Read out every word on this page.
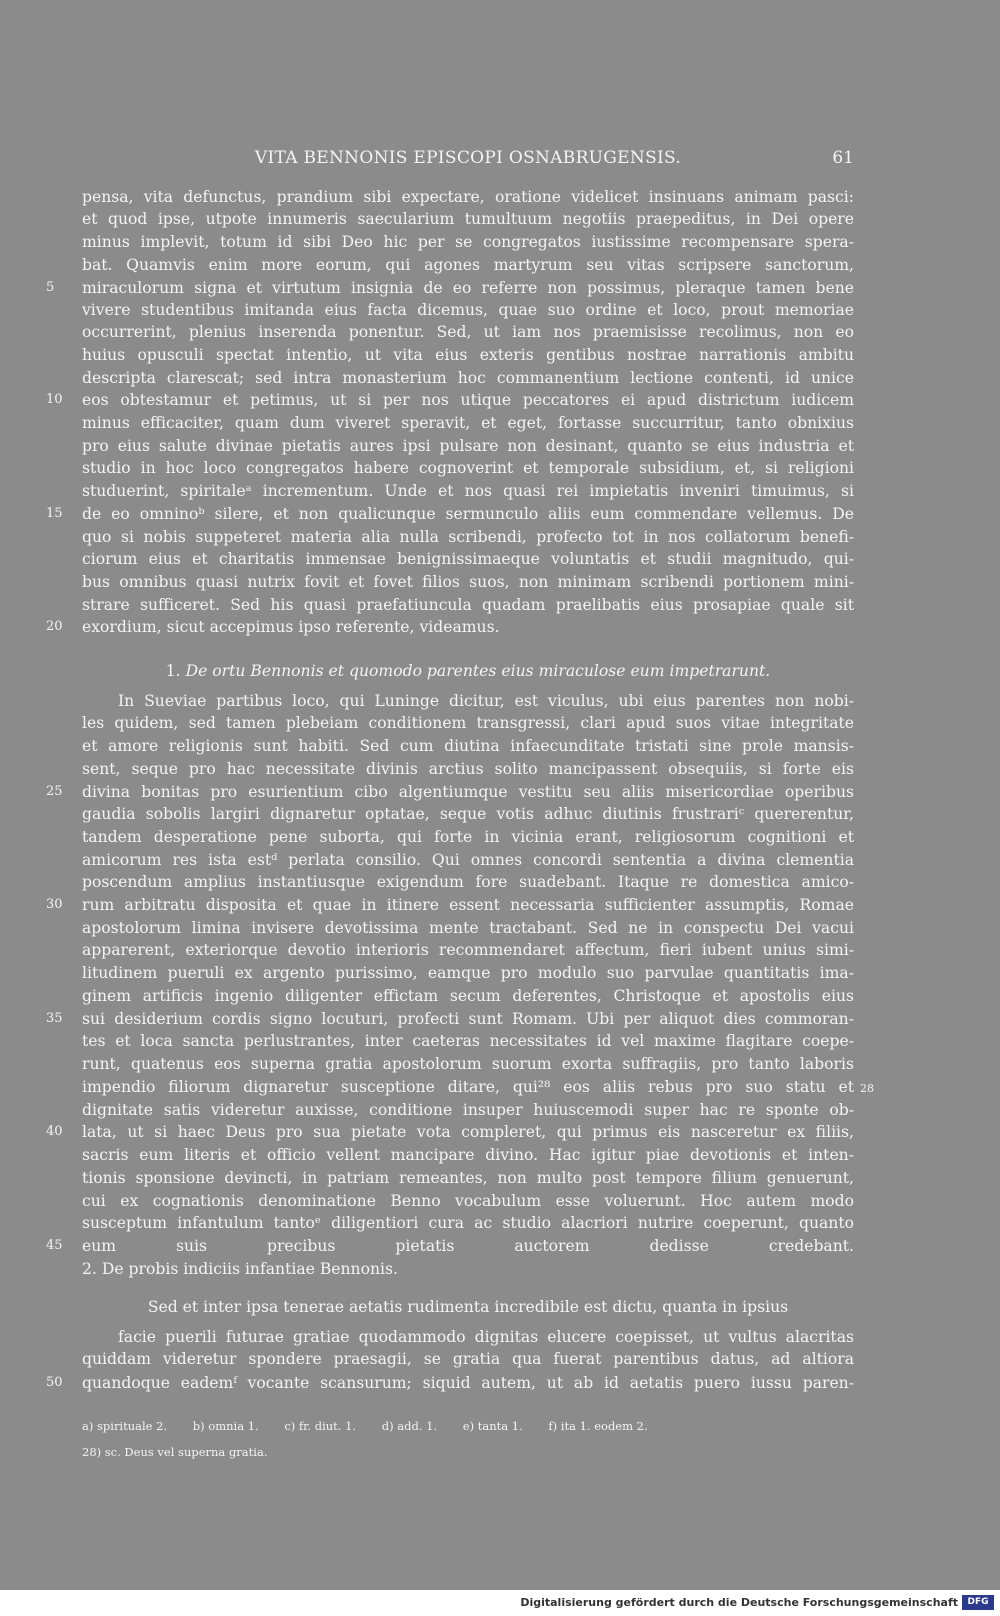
VITA BENNONIS EPISCOPI OSNABRUGENSIS.	61
pensa, vita defunctus, prandium sibi expectare, oratione videlicet insinuans animam pasci:
et quod ipse, utpote innumeris saecularium tumultuum negotiis praepeditus, in Dei opere
minus implevit, totum id sibi Deo hic per se congregatos iustissime recompensare spera-
bat. Quamvis enim more eorum, qui agones martyrum seu vitas scripsere sanctorum,
miraculorum signa et virtutum insignia de eo referre non possimus, pleraque tamen bene
vivere studentibus imitanda eius facta dicemus, quae suo ordine et loco, prout memoriae
occurrerint, plenius inserenda ponentur. Sed, ut iam nos praemisisse recolimus, non eo
huius opusculi spectat intentio, ut vita eius exteris gentibus nostrae narrationis ambitu
descripta clarescat; sed intra monasterium hoc commanentium lectione contenti, id unice
eos obtestamur et petimus, ut si per nos utique peccatores ei apud districtum iudicem
minus efficaciter, quam dum viveret speravit, et eget, fortasse succurritur, tanto obnixius
pro eius salute divinae pietatis aures ipsi pulsare non desinant, quanto se eius industria et
studio in hoc loco congregatos habere cognoverint et temporale subsidium, et, si religioni
studuerint, spiritaleᵃ incrementum. Unde et nos quasi rei impietatis inveniri timuimus, si
de eo omninoᵇ silere, et non qualicunque sermunculo aliis eum commendare vellemus. De
quo si nobis suppeteret materia alia nulla scribendi, profecto tot in nos collatorum benefi-
ciorum eius et charitatis immensae benignissimaeque voluntatis et studii magnitudo, qui-
bus omnibus quasi nutrix fovit et fovet filios suos, non minimam scribendi portionem mini-
strare sufficeret. Sed his quasi praefatiuncula quadam praelibatis eius prosapiae quale sit
exordium, sicut accepimus ipso referente, videamus.
1. De ortu Bennonis et quomodo parentes eius miraculose eum impetrarunt.
In Sueviae partibus loco, qui Luninge dicitur, est viculus, ubi eius parentes non nobi-
les quidem, sed tamen plebeiam conditionem transgressi, clari apud suos vitae integritate
et amore religionis sunt habiti. Sed cum diutina infaecunditate tristati sine prole mansis-
sent, seque pro hac necessitate divinis arctius solito mancipassent obsequiis, si forte eis
divina bonitas pro esurientium cibo algentiumque vestitu seu aliis misericordiae operibus
gaudia sobolis largiri dignaretur optatae, seque votis adhuc diutinis frustrariᶜ quererentur,
tandem desperatione pene suborta, qui forte in vicinia erant, religiosorum cognitioni et
amicorum res ista estᵈ perlata consilio. Qui omnes concordi sententia a divina clementia
poscendum amplius instantiusque exigendum fore suadebant. Itaque re domestica amico-
rum arbitratu disposita et quae in itinere essent necessaria sufficienter assumptis, Romae
apostolorum limina invisere devotissima mente tractabant. Sed ne in conspectu Dei vacui
apparerent, exteriorque devotio interioris recommendaret affectum, fieri iubent unius simi-
litudinem pueruli ex argento purissimo, eamque pro modulo suo parvulae quantitatis ima-
ginem artificis ingenio diligenter effictam secum deferentes, Christoque et apostolis eius
sui desiderium cordis signo locuturi, profecti sunt Romam. Ubi per aliquot dies commoran-
tes et loca sancta perlustrantes, inter caeteras necessitates id vel maxime flagitare coepe-
runt, quatenus eos superna gratia apostolorum suorum exorta suffragiis, pro tanto laboris
impendio filiorum dignaretur susceptione ditare, qui²⁸ eos aliis rebus pro suo statu et
dignitate satis videretur auxisse, conditione insuper huiuscemodi super hac re sponte ob-
lata, ut si haec Deus pro sua pietate vota compleret, qui primus eis nasceretur ex filiis,
sacris eum literis et officio vellent mancipare divino. Hac igitur piae devotionis et inten-
tionis sponsione devincti, in patriam remeantes, non multo post tempore filium genuerunt,
cui ex cognationis denominatione Benno vocabulum esse voluerunt. Hoc autem modo
susceptum infantulum tantoᵉ diligentiori cura ac studio alacriori nutrire coeperunt, quanto
eum suis precibus pietatis auctorem dedisse credebant.
2. De probis indiciis infantiae Bennonis.
Sed et inter ipsa tenerae aetatis rudimenta incredibile est dictu, quanta in ipsius
facie puerili futurae gratiae quodammodo dignitas elucere coepisset, ut vultus alacritas
quiddam videretur spondere praesagii, se gratia qua fuerat parentibus datus, ad altiora
quandoque eademᶠ vocante scansurum; siquid autem, ut ab id aetatis puero iussu paren-
5
10
15
20
25
30
35
40
45
50
28
a) spirituale 2. b) omnia 1. c) fr. diut. 1. d) add. 1. e) tanta 1. f) ita 1. eodem 2.
28) sc. Deus vel superna gratia.
Digitalisierung gefördert durch die Deutsche Forschungsgemeinschaft	DFG
